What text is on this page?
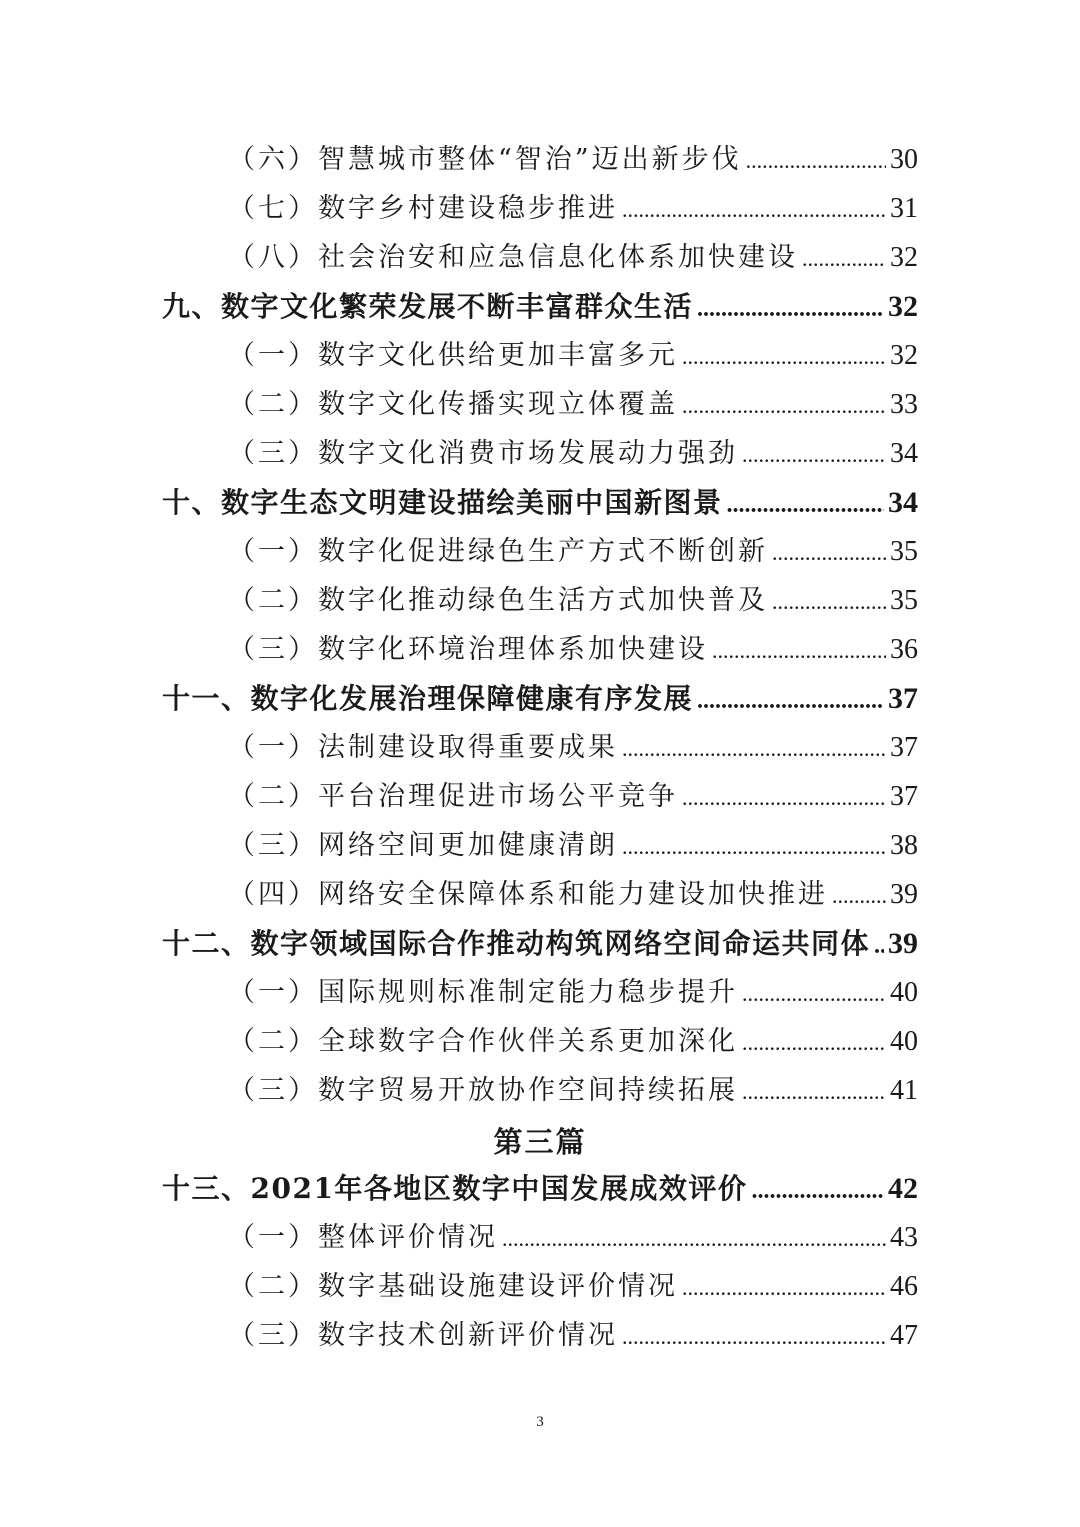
（六）智慧城市整体“智治”迈出新步伐 .....	30
（七）数字乡村建设稳步推进 .....	31
（八）社会治安和应急信息化体系加快建设 .....	32
九、数字文化繁荣发展不断丰富群众生活 .....	32
（一）数字文化供给更加丰富多元 .....	32
（二）数字文化传播实现立体覆盖 .....	33
（三）数字文化消费市场发展动力强劲 .....	34
十、数字生态文明建设描绘美丽中国新图景 .....	34
（一）数字化促进绿色生产方式不断创新 .....	35
（二）数字化推动绿色生活方式加快普及 .....	35
（三）数字化环境治理体系加快建设 .....	36
十一、数字化发展治理保障健康有序发展 .....	37
（一）法制建设取得重要成果 .....	37
（二）平台治理促进市场公平竞争 .....	37
（三）网络空间更加健康清朗 .....	38
（四）网络安全保障体系和能力建设加快推进 ..... 39
十二、数字领域国际合作推动构筑网络空间命运共同体 ..... 39
（一）国际规则标准制定能力稳步提升 .....	40
（二）全球数字合作伙伴关系更加深化 .....	40
（三）数字贸易开放协作空间持续拓展 .....	41
第三篇
十三、2021年各地区数字中国发展成效评价 .....	42
（一）整体评价情况 .....	43
（二）数字基础设施建设评价情况 .....	46
（三）数字技术创新评价情况 .....	47
3
